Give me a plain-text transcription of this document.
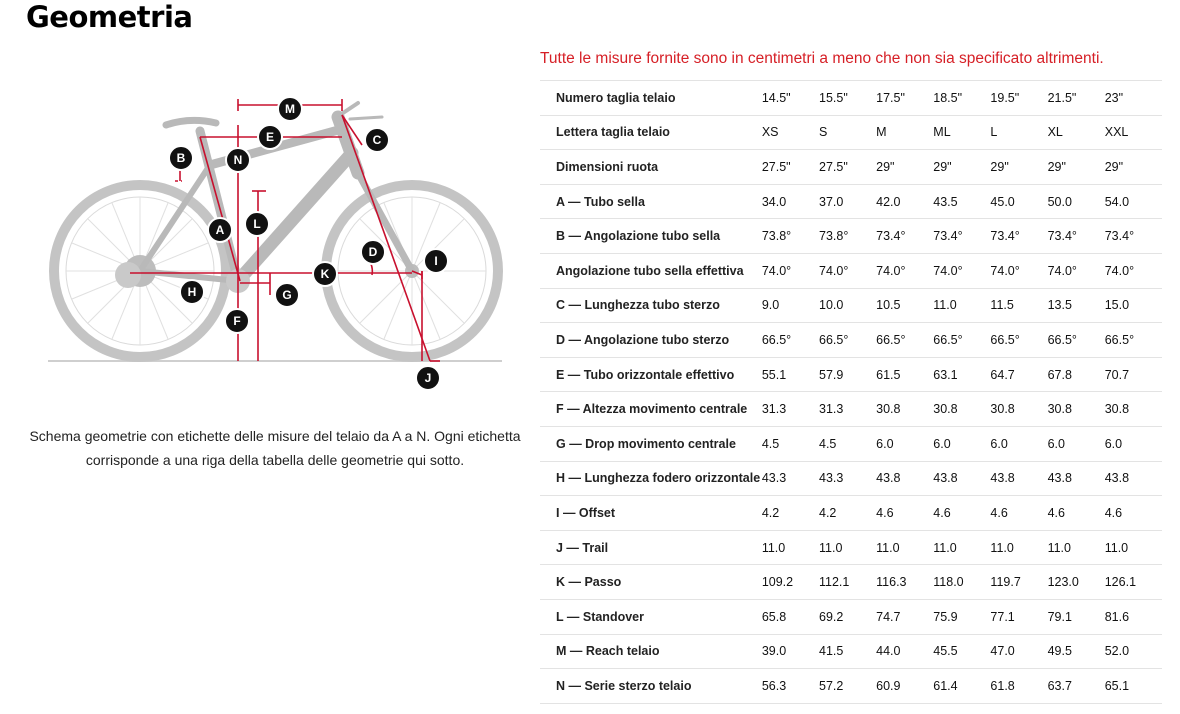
Geometria
M
E	C
B	N
A L
D
I
K
H	G
F
J
Schema geometrie con etichette delle misure del telaio da A a N. Ogni etichetta corrisponde a una riga della tabella delle geometrie qui sotto.
Tutte le misure fornite sono in centimetri a meno che non sia specificato altrimenti.
Numero taglia telaio	14.5"	15.5"	17.5"	18.5"	19.5"	21.5"	23"
Lettera taglia telaio	XS	S	M	ML	L	XL	XXL
Dimensioni ruota	27.5"	27.5"	29"	29"	29"	29"	29"
A — Tubo sella	34.0	37.0	42.0	43.5	45.0	50.0	54.0
B — Angolazione tubo sella	73.8°	73.8°	73.4°	73.4°	73.4°	73.4°	73.4°
Angolazione tubo sella effettiva	74.0°	74.0°	74.0°	74.0°	74.0°	74.0°	74.0°
C — Lunghezza tubo sterzo	9.0	10.0	10.5	11.0	11.5	13.5	15.0
D — Angolazione tubo sterzo	66.5°	66.5°	66.5°	66.5°	66.5°	66.5°	66.5°
E — Tubo orizzontale effettivo	55.1	57.9	61.5	63.1	64.7	67.8	70.7
F — Altezza movimento centrale	31.3	31.3	30.8	30.8	30.8	30.8	30.8
G — Drop movimento centrale	4.5	4.5	6.0	6.0	6.0	6.0	6.0
H — Lunghezza fodero orizzontale	43.3	43.3	43.8	43.8	43.8	43.8	43.8
I — Offset	4.2	4.2	4.6	4.6	4.6	4.6	4.6
J — Trail	11.0	11.0	11.0	11.0	11.0	11.0	11.0
K — Passo	109.2	112.1	116.3	118.0	119.7	123.0	126.1
L — Standover	65.8	69.2	74.7	75.9	77.1	79.1	81.6
M — Reach telaio	39.0	41.5	44.0	45.5	47.0	49.5	52.0
N — Serie sterzo telaio	56.3	57.2	60.9	61.4	61.8	63.7	65.1
